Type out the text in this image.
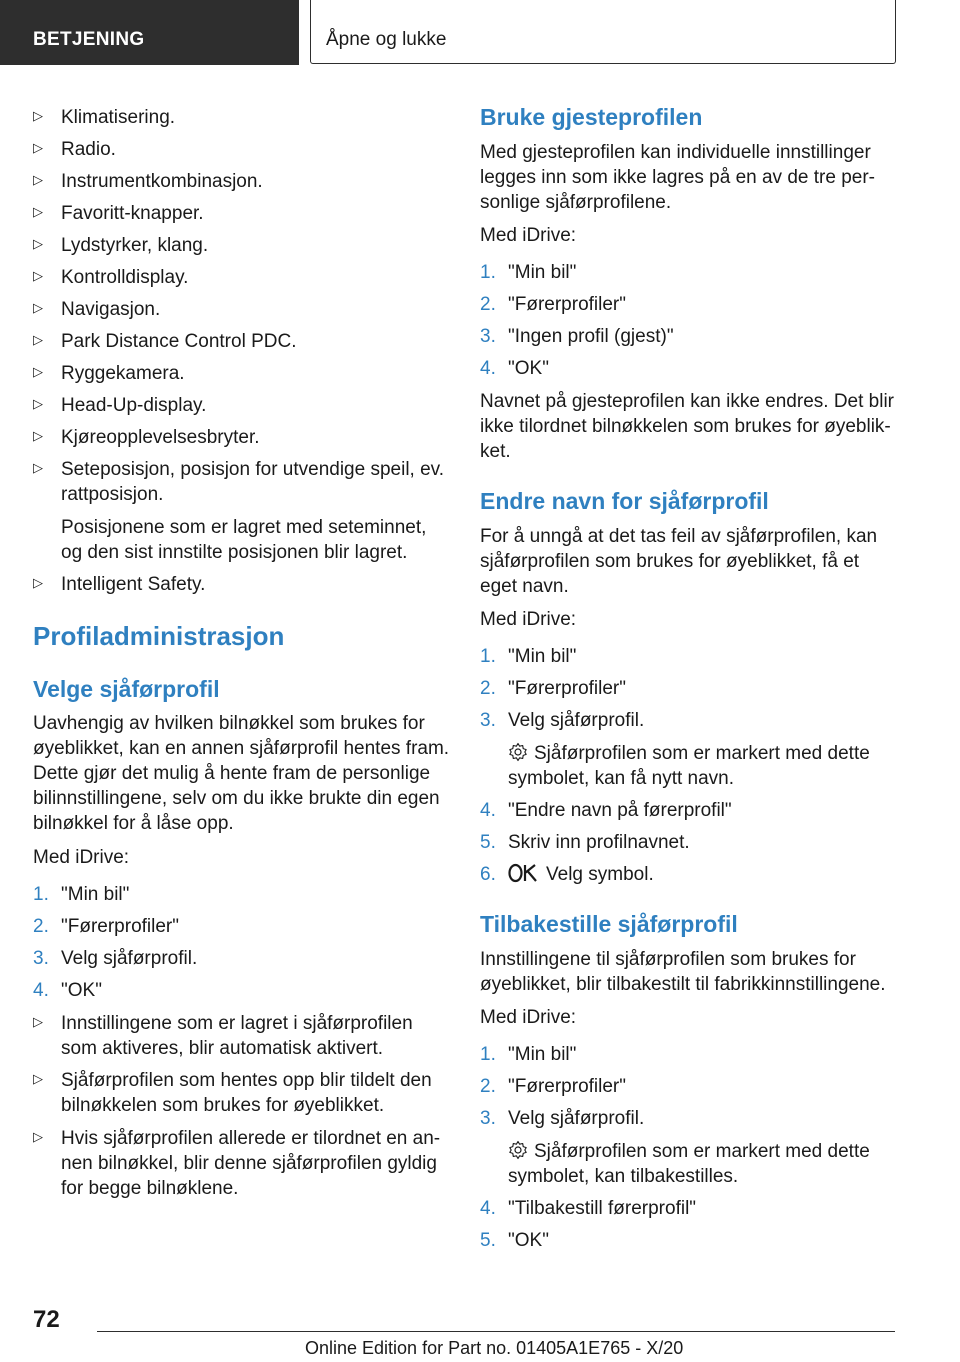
BETJENING	Åpne og lukke
▷ Klimatisering.
▷ Radio.
▷ Instrumentkombinasjon.
▷ Favoritt-knapper.
▷ Lydstyrker, klang.
▷ Kontrolldisplay.
▷ Navigasjon.
▷ Park Distance Control PDC.
▷ Ryggekamera.
▷ Head-Up-display.
▷ Kjøreopplevelsesbryter.
▷ Seteposisjon, posisjon for utvendige speil, ev.
rattposisjon.
Posisjonene som er lagret med seteminnet,
og den sist innstilte posisjonen blir lagret.
▷ Intelligent Safety.
Profiladministrasjon
Velge sjåførprofil
Uavhengig av hvilken bilnøkkel som brukes for
øyeblikket, kan en annen sjåførprofil hentes fram.
Dette gjør det mulig å hente fram de personlige
bilinnstillingene, selv om du ikke brukte din egen
bilnøkkel for å låse opp.
Med iDrive:
1. "Min bil"
2. "Førerprofiler"
3. Velg sjåførprofil.
4. "OK"
▷ Innstillingene som er lagret i sjåførprofilen
som aktiveres, blir automatisk aktivert.
▷ Sjåførprofilen som hentes opp blir tildelt den
bilnøkkelen som brukes for øyeblikket.
▷ Hvis sjåførprofilen allerede er tilordnet en an-
nen bilnøkkel, blir denne sjåførprofilen gyldig
for begge bilnøklene.
Bruke gjesteprofilen
Med gjesteprofilen kan individuelle innstillinger
legges inn som ikke lagres på en av de tre per-
sonlige sjåførprofilene.
Med iDrive:
1. "Min bil"
2. "Førerprofiler"
3. "Ingen profil (gjest)"
4. "OK"
Navnet på gjesteprofilen kan ikke endres. Det blir
ikke tilordnet bilnøkkelen som brukes for øyeblik-
ket.
Endre navn for sjåførprofil
For å unngå at det tas feil av sjåførprofilen, kan
sjåførprofilen som brukes for øyeblikket, få et
eget navn.
Med iDrive:
1. "Min bil"
2. "Førerprofiler"
3. Velg sjåførprofil.
Sjåførprofilen som er markert med dette
symbolet, kan få nytt navn.
4. "Endre navn på førerprofil"
5. Skriv inn profilnavnet.
6.	Velg symbol.
Tilbakestille sjåførprofil
Innstillingene til sjåførprofilen som brukes for
øyeblikket, blir tilbakestilt til fabrikkinnstillingene.
Med iDrive:
1. "Min bil"
2. "Førerprofiler"
3. Velg sjåførprofil.
Sjåførprofilen som er markert med dette
symbolet, kan tilbakestilles.
4. "Tilbakestill førerprofil"
5. "OK"
72
Online Edition for Part no. 01405A1E765 - X/20
